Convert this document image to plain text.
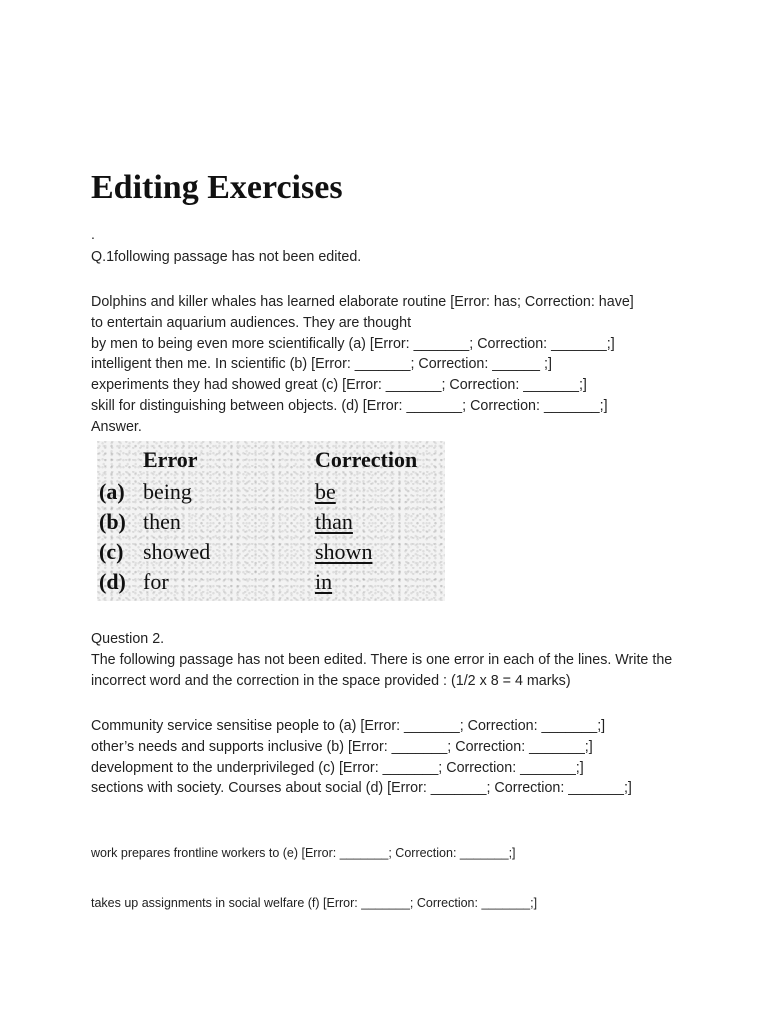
Editing Exercises
.
Q.1following passage has not been edited.
Dolphins and killer whales has learned elaborate routine [Error: has; Correction: have]
to entertain aquarium audiences. They are thought
by men to being even more scientifically (a) [Error: _______; Correction: _______;]
intelligent then me. In scientific (b) [Error: _______; Correction: ______ ;]
experiments they had showed great (c) [Error: _______; Correction: _______;]
skill for distinguishing between objects. (d) [Error: _______; Correction: _______;]
Answer.
Error	Correction
(a) being	be
(b) then	than
(c) showed	shown
(d) for	in
Question 2.
The following passage has not been edited. There is one error in each of the lines. Write the incorrect word and the correction in the space provided : (1/2 x 8 = 4 marks)
Community service sensitise people to (a) [Error: _______; Correction: _______;]
other’s needs and supports inclusive (b) [Error: _______; Correction: _______;]
development to the underprivileged (c) [Error: _______; Correction: _______;]
sections with society. Courses about social (d) [Error: _______; Correction: _______;]
work prepares frontline workers to (e) [Error: _______; Correction: _______;]
takes up assignments in social welfare (f) [Error: _______; Correction: _______;]
